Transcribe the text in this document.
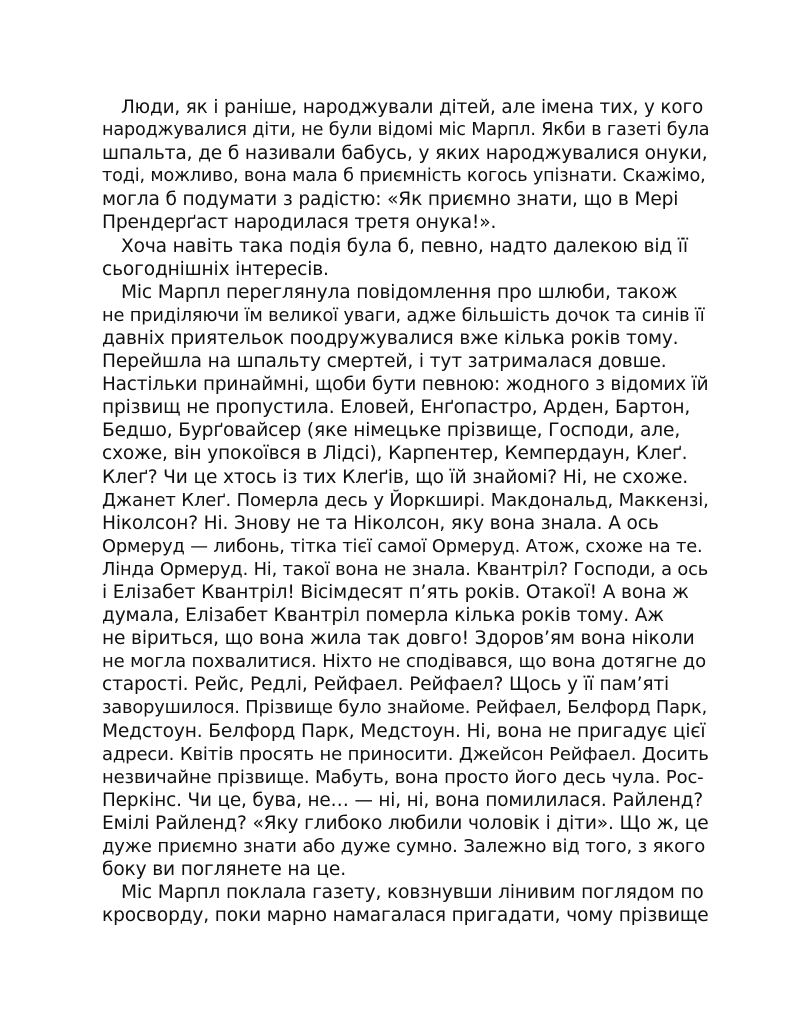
Люди, як і раніше, народжували дітей, але імена тих, у кого
народжувалися діти, не були відомі міс Марпл. Якби в газеті була
шпальта, де б називали бабусь, у яких народжувалися онуки,
тоді, можливо, вона мала б приємність когось упізнати. Скажімо,
могла б подумати з радістю: «Як приємно знати, що в Мері
Прендерґаст народилася третя онука!».
Хоча навіть така подія була б, певно, надто далекою від її
сьогоднішніх інтересів.
Міс Марпл переглянула повідомлення про шлюби, також
не приділяючи їм великої уваги, адже більшість дочок та синів її
давніх приятельок поодружувалися вже кілька років тому.
Перейшла на шпальту смертей, і тут затрималася довше.
Настільки принаймні, щоби бути певною: жодного з відомих їй
прізвищ не пропустила. Еловей, Енґопастро, Арден, Бартон,
Бедшо, Бурґовайсер (яке німецьке прізвище, Господи, але,
схоже, він упокоївся в Лідсі), Карпентер, Кемпердаун, Клеґ.
Клеґ? Чи це хтось із тих Клеґів, що їй знайомі? Ні, не схоже.
Джанет Клеґ. Померла десь у Йоркширі. Макдональд, Маккензі,
Ніколсон? Ні. Знову не та Ніколсон, яку вона знала. А ось
Ормеруд — либонь, тітка тієї самої Ормеруд. Атож, схоже на те.
Лінда Ормеруд. Ні, такої вона не знала. Квантріл? Господи, а ось
і Елізабет Квантріл! Вісімдесят п’ять років. Отакої! А вона ж
думала, Елізабет Квантріл померла кілька років тому. Аж
не віриться, що вона жила так довго! Здоров’ям вона ніколи
не могла похвалитися. Ніхто не сподівався, що вона дотягне до
старості. Рейс, Редлі, Рейфаел. Рейфаел? Щось у її пам’яті
заворушилося. Прізвище було знайоме. Рейфаел, Белфорд Парк,
Медстоун. Белфорд Парк, Медстоун. Ні, вона не пригадує цієї
адреси. Квітів просять не приносити. Джейсон Рейфаел. Досить
незвичайне прізвище. Мабуть, вона просто його десь чула. Рос-
Перкінс. Чи це, бува, не… — ні, ні, вона помилилася. Райленд?
Емілі Райленд? «Яку глибоко любили чоловік і діти». Що ж, це
дуже приємно знати або дуже сумно. Залежно від того, з якого
боку ви поглянете на це.
Міс Марпл поклала газету, ковзнувши лінивим поглядом по
кросворду, поки марно намагалася пригадати, чому прізвище
